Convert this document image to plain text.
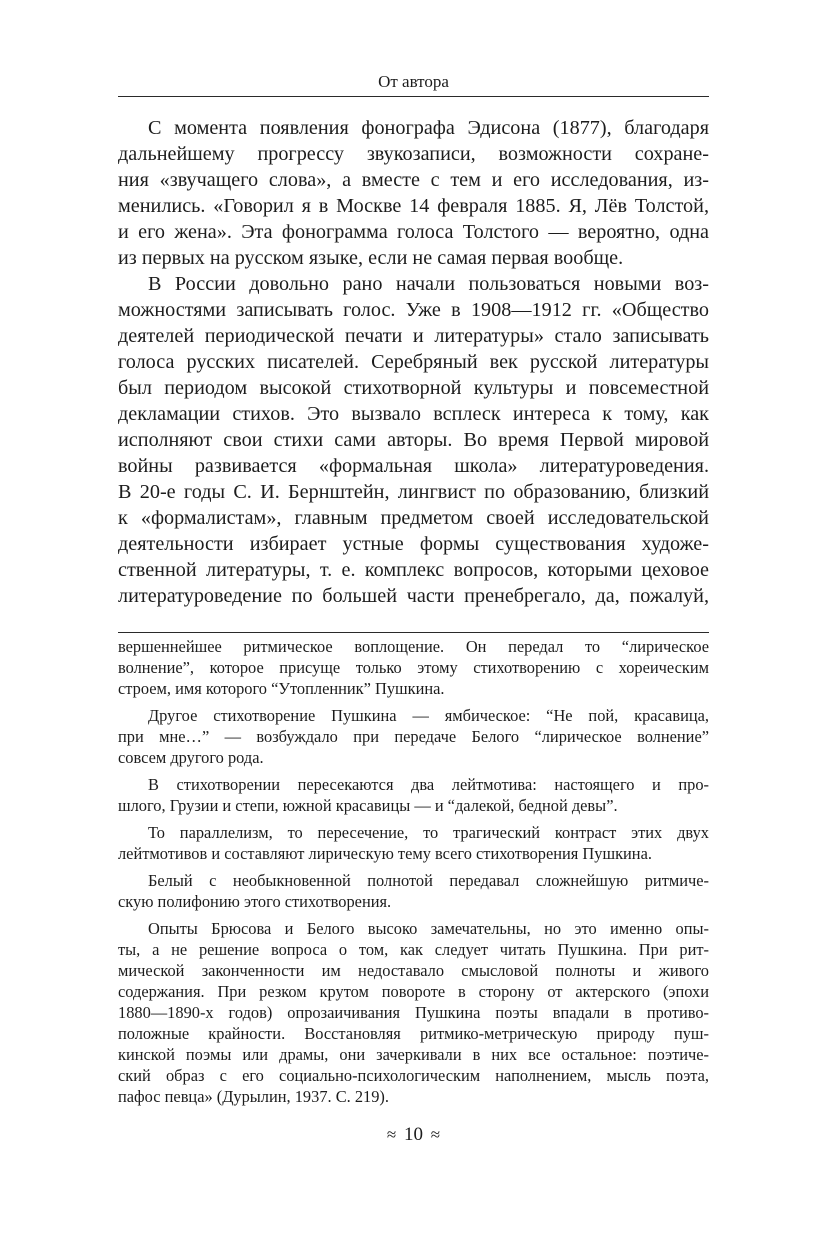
От автора
С момента появления фонографа Эдисона (1877), благодаря
дальнейшему прогрессу звукозаписи, возможности сохране-
ния «звучащего слова», а вместе с тем и его исследования, из-
менились. «Говорил я в Москве 14 февраля 1885. Я, Лёв Толстой,
и его жена». Эта фонограмма голоса Толстого — вероятно, одна
из первых на русском языке, если не самая первая вообще.
В России довольно рано начали пользоваться новыми воз-
можностями записывать голос. Уже в 1908—1912 гг. «Общество
деятелей периодической печати и литературы» стало записывать
голоса русских писателей. Серебряный век русской литературы
был периодом высокой стихотворной культуры и повсеместной
декламации стихов. Это вызвало всплеск интереса к тому, как
исполняют свои стихи сами авторы. Во время Первой мировой
войны развивается «формальная школа» литературоведения.
В 20-е годы С. И. Бернштейн, лингвист по образованию, близкий
к «формалистам», главным предметом своей исследовательской
деятельности избирает устные формы существования художе-
ственной литературы, т. е. комплекс вопросов, которыми цеховое
литературоведение по большей части пренебрегало, да, пожалуй,
вершеннейшее ритмическое воплощение. Он передал то “лирическое
волнение”, которое присуще только этому стихотворению с хореическим
строем, имя которого “Утопленник” Пушкина.
Другое стихотворение Пушкина — ямбическое: “Не пой, красавица,
при мне…” — возбуждало при передаче Белого “лирическое волнение”
совсем другого рода.
В стихотворении пересекаются два лейтмотива: настоящего и про-
шлого, Грузии и степи, южной красавицы — и “далекой, бедной девы”.
То параллелизм, то пересечение, то трагический контраст этих двух
лейтмотивов и составляют лирическую тему всего стихотворения Пушкина.
Белый с необыкновенной полнотой передавал сложнейшую ритмиче-
скую полифонию этого стихотворения.
Опыты Брюсова и Белого высоко замечательны, но это именно опы-
ты, а не решение вопроса о том, как следует читать Пушкина. При рит-
мической законченности им недоставало смысловой полноты и живого
содержания. При резком крутом повороте в сторону от актерского (эпохи
1880—1890-х годов) опрозаичивания Пушкина поэты впадали в противо-
положные крайности. Восстановляя ритмико-метрическую природу пуш-
кинской поэмы или драмы, они зачеркивали в них все остальное: поэтиче-
ский образ с его социально-психологическим наполнением, мысль поэта,
пафос певца» (Дурылин, 1937. С. 219).
≈ 10 ≈
